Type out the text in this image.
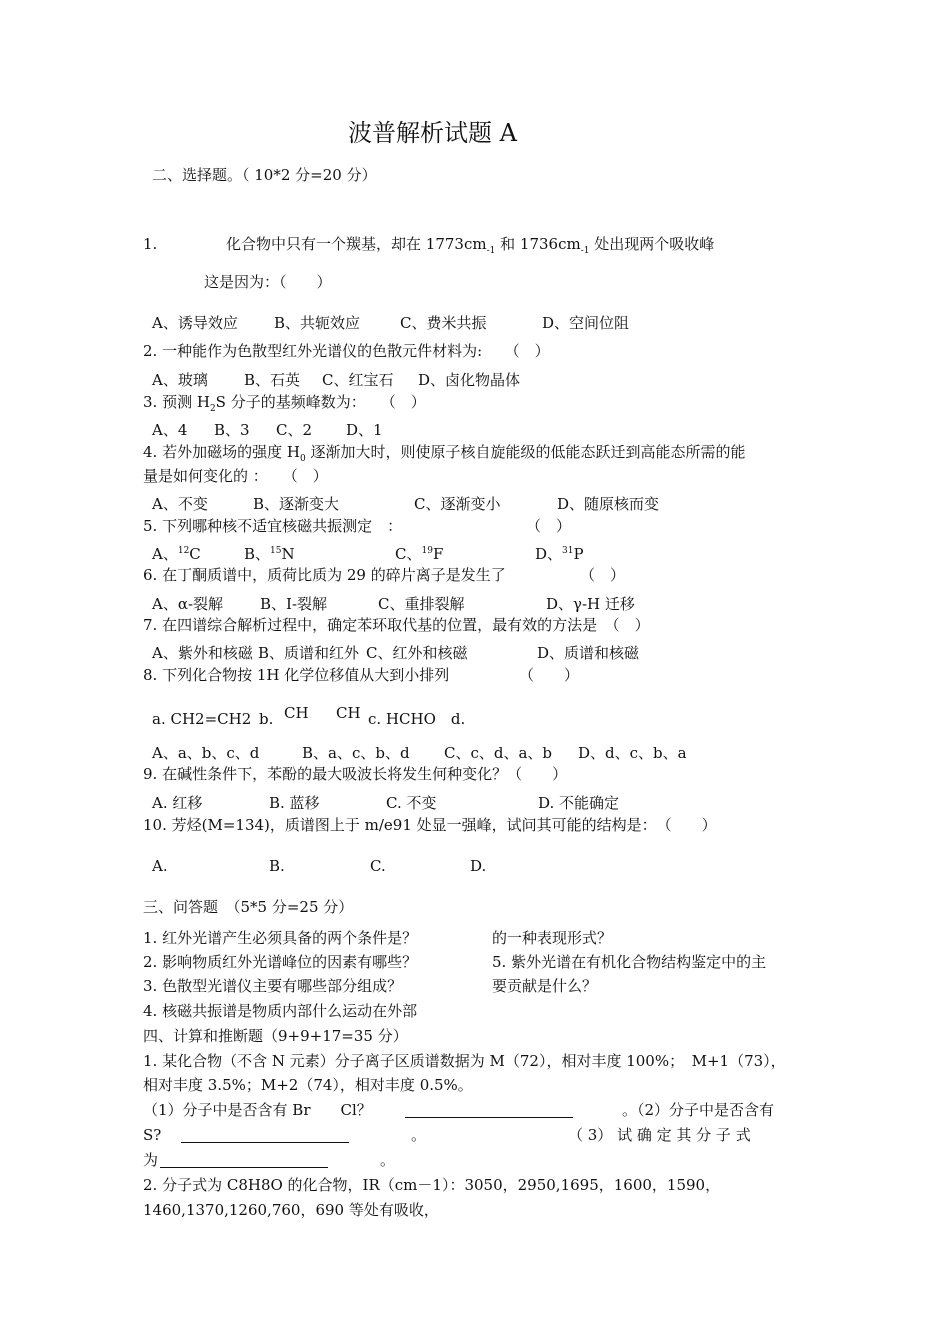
波普解析试题 A
二、选择题。（ 10*2 分=20 分）
1.	化合物中只有一个羰基，却在 $1773cm_{-1}$ 和 $1736cm_{-1}$ 处出现两个吸收峰
这是因为：（　　）
A、诱导效应 B、共轭效应	C、费米共振	D、空间位阻
2. 一种能作为色散型红外光谱仪的色散元件材料为:　　（　）
A、玻璃 B、石英 C、红宝石 D、卤化物晶体
3. 预测 $H_2S$ 分子的基频峰数为：　　（　）
A、4 B、3 C、2 D、1
4. 若外加磁场的强度 $H_0$ 逐渐加大时，则使原子核自旋能级的低能态跃迁到高能态所需的能
量是如何变化的 ：　　（　）
A、不变	B、逐渐变大	C、逐渐变小	D、随原核而变
5. 下列哪种核不适宜核磁共振测定　：	（　）
A、$^{12}$C	B、$^{15}$N	C、$^{19}$F	D、$^{31}$P
6. 在丁酮质谱中，质荷比质为 29 的碎片离子是发生了	（　）
A、α-裂解 B、I-裂解	C、重排裂解	D、γ-H 迁移
7. 在四谱综合解析过程中，确定苯环取代基的位置，最有效的方法是　（　）
A、紫外和核磁 B、质谱和红外 C、红外和核磁	D、质谱和核磁
8. 下列化合物按 1H 化学位移值从大到小排列	（　　）
a. CH2=CH2 b. CH CH c. HCHO　d.
A、a、b、c、d	B、a、c、b、d C、c、d、a、b D、d、c、b、a
9. 在碱性条件下，苯酚的最大吸波长将发生何种变化？（　　）
A. 红移	B. 蓝移	C. 不变	D. 不能确定
10. 芳烃(M=134)，质谱图上于 m/e91 处显一强峰，试问其可能的结构是：　（　　）
A.	B.	C.	D.
三、问答题　（5*5 分=25 分）
1. 红外光谱产生必须具备的两个条件是？
2. 影响物质红外光谱峰位的因素有哪些？
3. 色散型光谱仪主要有哪些部分组成？
4. 核磁共振谱是物质内部什么运动在外部
的一种表现形式？
5. 紫外光谱在有机化合物结构鉴定中的主
要贡献是什么？
四、计算和推断题（9+9+17=35 分）
1. 某化合物（不含 N 元素）分子离子区质谱数据为 M（72），相对丰度 100%；　M+1（73），
相对丰度 3.5%；M+2（74），相对丰度 0.5%。
（1）分子中是否含有 Br　　Cl？	。（2）分子中是否含有
S?	。	（ 3） 试 确 定 其 分 子 式
为	。
2. 分子式为 C8H8O 的化合物，IR（cm－1）：3050，2950,1695，1600，1590，
1460,1370,1260,760，690 等处有吸收，
